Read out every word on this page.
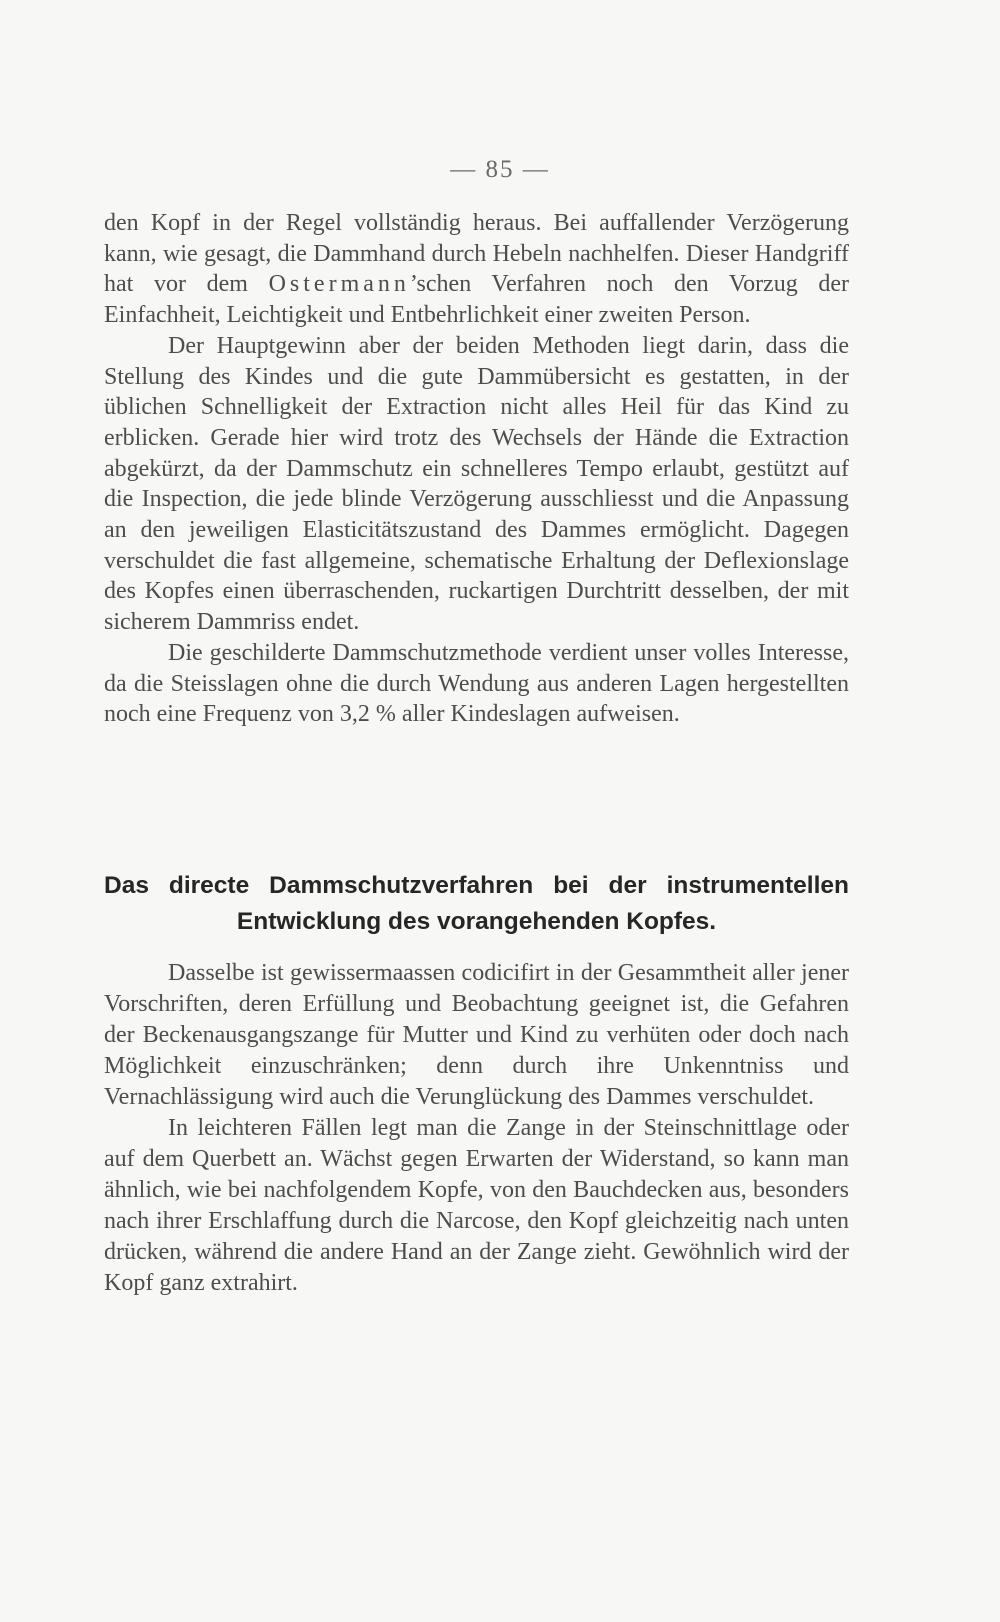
— 85 —

den Kopf in der Regel vollständig heraus. Bei auffallender Verzögerung kann, wie gesagt, die Dammhand durch Hebeln nachhelfen. Dieser Handgriff hat vor dem Ostermann’schen Verfahren noch den Vorzug der Einfachheit, Leichtigkeit und Entbehrlichkeit einer zweiten Person.

Der Hauptgewinn aber der beiden Methoden liegt darin, dass die Stellung des Kindes und die gute Dammübersicht es gestatten, in der üblichen Schnelligkeit der Extraction nicht alles Heil für das Kind zu erblicken. Gerade hier wird trotz des Wechsels der Hände die Extraction abgekürzt, da der Dammschutz ein schnelleres Tempo erlaubt, gestützt auf die Inspection, die jede blinde Verzögerung ausschliesst und die Anpassung an den jeweiligen Elasticitätszustand des Dammes ermöglicht. Dagegen verschuldet die fast allgemeine, schematische Erhaltung der Deflexionslage des Kopfes einen überraschenden, ruckartigen Durchtritt desselben, der mit sicherem Dammriss endet.

Die geschilderte Dammschutzmethode verdient unser volles Interesse, da die Steisslagen ohne die durch Wendung aus anderen Lagen hergestellten noch eine Frequenz von 3,2 % aller Kindeslagen aufweisen.

Das directe Dammschutzverfahren bei der instrumentellen
Entwicklung des vorangehenden Kopfes.

Dasselbe ist gewissermaassen codicifirt in der Gesammtheit aller jener Vorschriften, deren Erfüllung und Beobachtung geeignet ist, die Gefahren der Beckenausgangszange für Mutter und Kind zu verhüten oder doch nach Möglichkeit einzuschränken; denn durch ihre Unkenntniss und Vernachlässigung wird auch die Verunglückung des Dammes verschuldet.

In leichteren Fällen legt man die Zange in der Steinschnittlage oder auf dem Querbett an. Wächst gegen Erwarten der Widerstand, so kann man ähnlich, wie bei nachfolgendem Kopfe, von den Bauchdecken aus, besonders nach ihrer Erschlaffung durch die Narcose, den Kopf gleichzeitig nach unten drücken, während die andere Hand an der Zange zieht. Gewöhnlich wird der Kopf ganz extrahirt.
